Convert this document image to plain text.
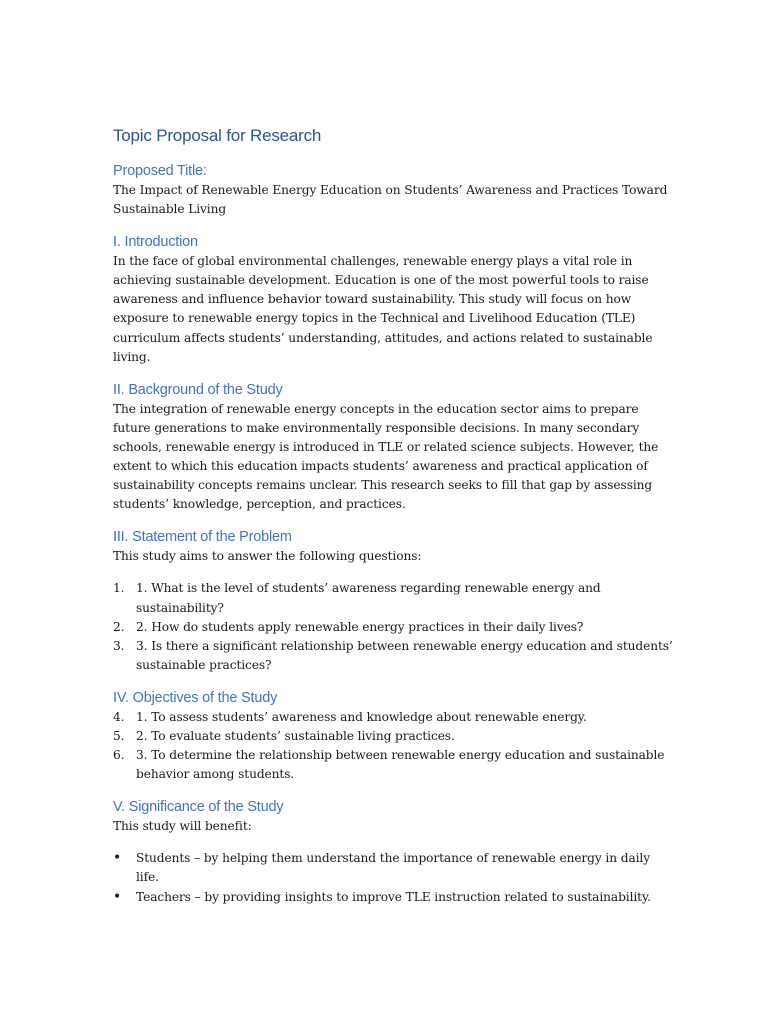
Topic Proposal for Research
Proposed Title:
The Impact of Renewable Energy Education on Students’ Awareness and Practices Toward Sustainable Living
I. Introduction
In the face of global environmental challenges, renewable energy plays a vital role in achieving sustainable development. Education is one of the most powerful tools to raise awareness and influence behavior toward sustainability. This study will focus on how exposure to renewable energy topics in the Technical and Livelihood Education (TLE) curriculum affects students’ understanding, attitudes, and actions related to sustainable living.
II. Background of the Study
The integration of renewable energy concepts in the education sector aims to prepare future generations to make environmentally responsible decisions. In many secondary schools, renewable energy is introduced in TLE or related science subjects. However, the extent to which this education impacts students’ awareness and practical application of sustainability concepts remains unclear. This research seeks to fill that gap by assessing students’ knowledge, perception, and practices.
III. Statement of the Problem
This study aims to answer the following questions:
1. 1. What is the level of students’ awareness regarding renewable energy and sustainability?
2. 2. How do students apply renewable energy practices in their daily lives?
3. 3. Is there a significant relationship between renewable energy education and students’ sustainable practices?
IV. Objectives of the Study
4. 1. To assess students’ awareness and knowledge about renewable energy.
5. 2. To evaluate students’ sustainable living practices.
6. 3. To determine the relationship between renewable energy education and sustainable behavior among students.
V. Significance of the Study
This study will benefit:
• Students – by helping them understand the importance of renewable energy in daily life.
• Teachers – by providing insights to improve TLE instruction related to sustainability.
